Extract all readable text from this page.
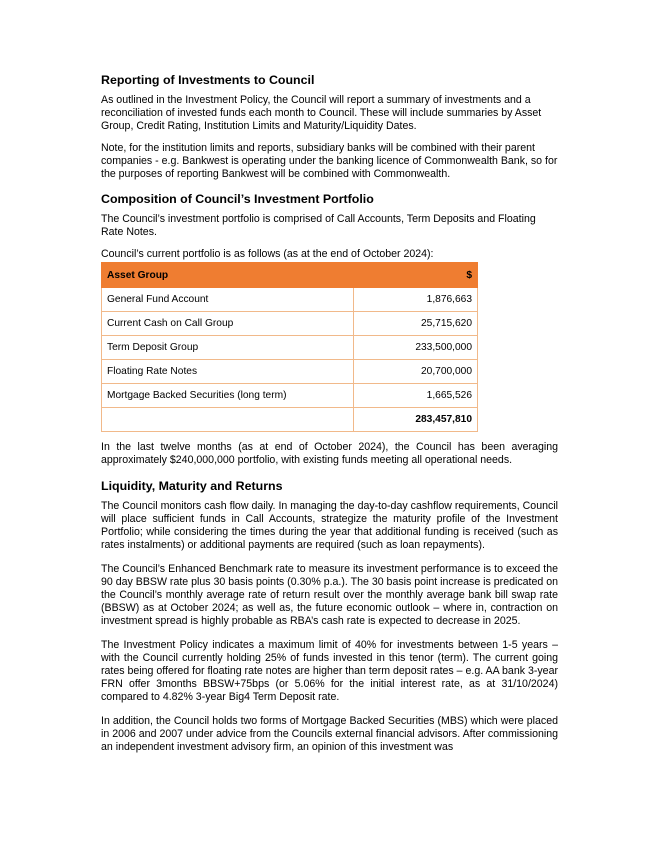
Reporting of Investments to Council

As outlined in the Investment Policy, the Council will report a summary of investments and a reconciliation of invested funds each month to Council. These will include summaries by Asset Group, Credit Rating, Institution Limits and Maturity/Liquidity Dates.

Note, for the institution limits and reports, subsidiary banks will be combined with their parent companies - e.g. Bankwest is operating under the banking licence of Commonwealth Bank, so for the purposes of reporting Bankwest will be combined with Commonwealth.

Composition of Council’s Investment Portfolio

The Council’s investment portfolio is comprised of Call Accounts, Term Deposits and Floating Rate Notes.

Council’s current portfolio is as follows (as at the end of October 2024):

Asset Group	$
General Fund Account	1,876,663
Current Cash on Call Group	25,715,620
Term Deposit Group	233,500,000
Floating Rate Notes	20,700,000
Mortgage Backed Securities (long term)	1,665,526
	283,457,810

In the last twelve months (as at end of October 2024), the Council has been averaging approximately $240,000,000 portfolio, with existing funds meeting all operational needs.

Liquidity, Maturity and Returns

The Council monitors cash flow daily. In managing the day-to-day cashflow requirements, Council will place sufficient funds in Call Accounts, strategize the maturity profile of the Investment Portfolio; while considering the times during the year that additional funding is received (such as rates instalments) or additional payments are required (such as loan repayments).

The Council’s Enhanced Benchmark rate to measure its investment performance is to exceed the 90 day BBSW rate plus 30 basis points (0.30% p.a.). The 30 basis point increase is predicated on the Council’s monthly average rate of return result over the monthly average bank bill swap rate (BBSW) as at October 2024; as well as, the future economic outlook – where in, contraction on investment spread is highly probable as RBA’s cash rate is expected to decrease in 2025.

The Investment Policy indicates a maximum limit of 40% for investments between 1-5 years – with the Council currently holding 25% of funds invested in this tenor (term). The current going rates being offered for floating rate notes are higher than term deposit rates – e.g. AA bank 3-year FRN offer 3months BBSW+75bps (or 5.06% for the initial interest rate, as at 31/10/2024) compared to 4.82% 3-year Big4 Term Deposit rate.

In addition, the Council holds two forms of Mortgage Backed Securities (MBS) which were placed in 2006 and 2007 under advice from the Councils external financial advisors. After commissioning an independent investment advisory firm, an opinion of this investment was
